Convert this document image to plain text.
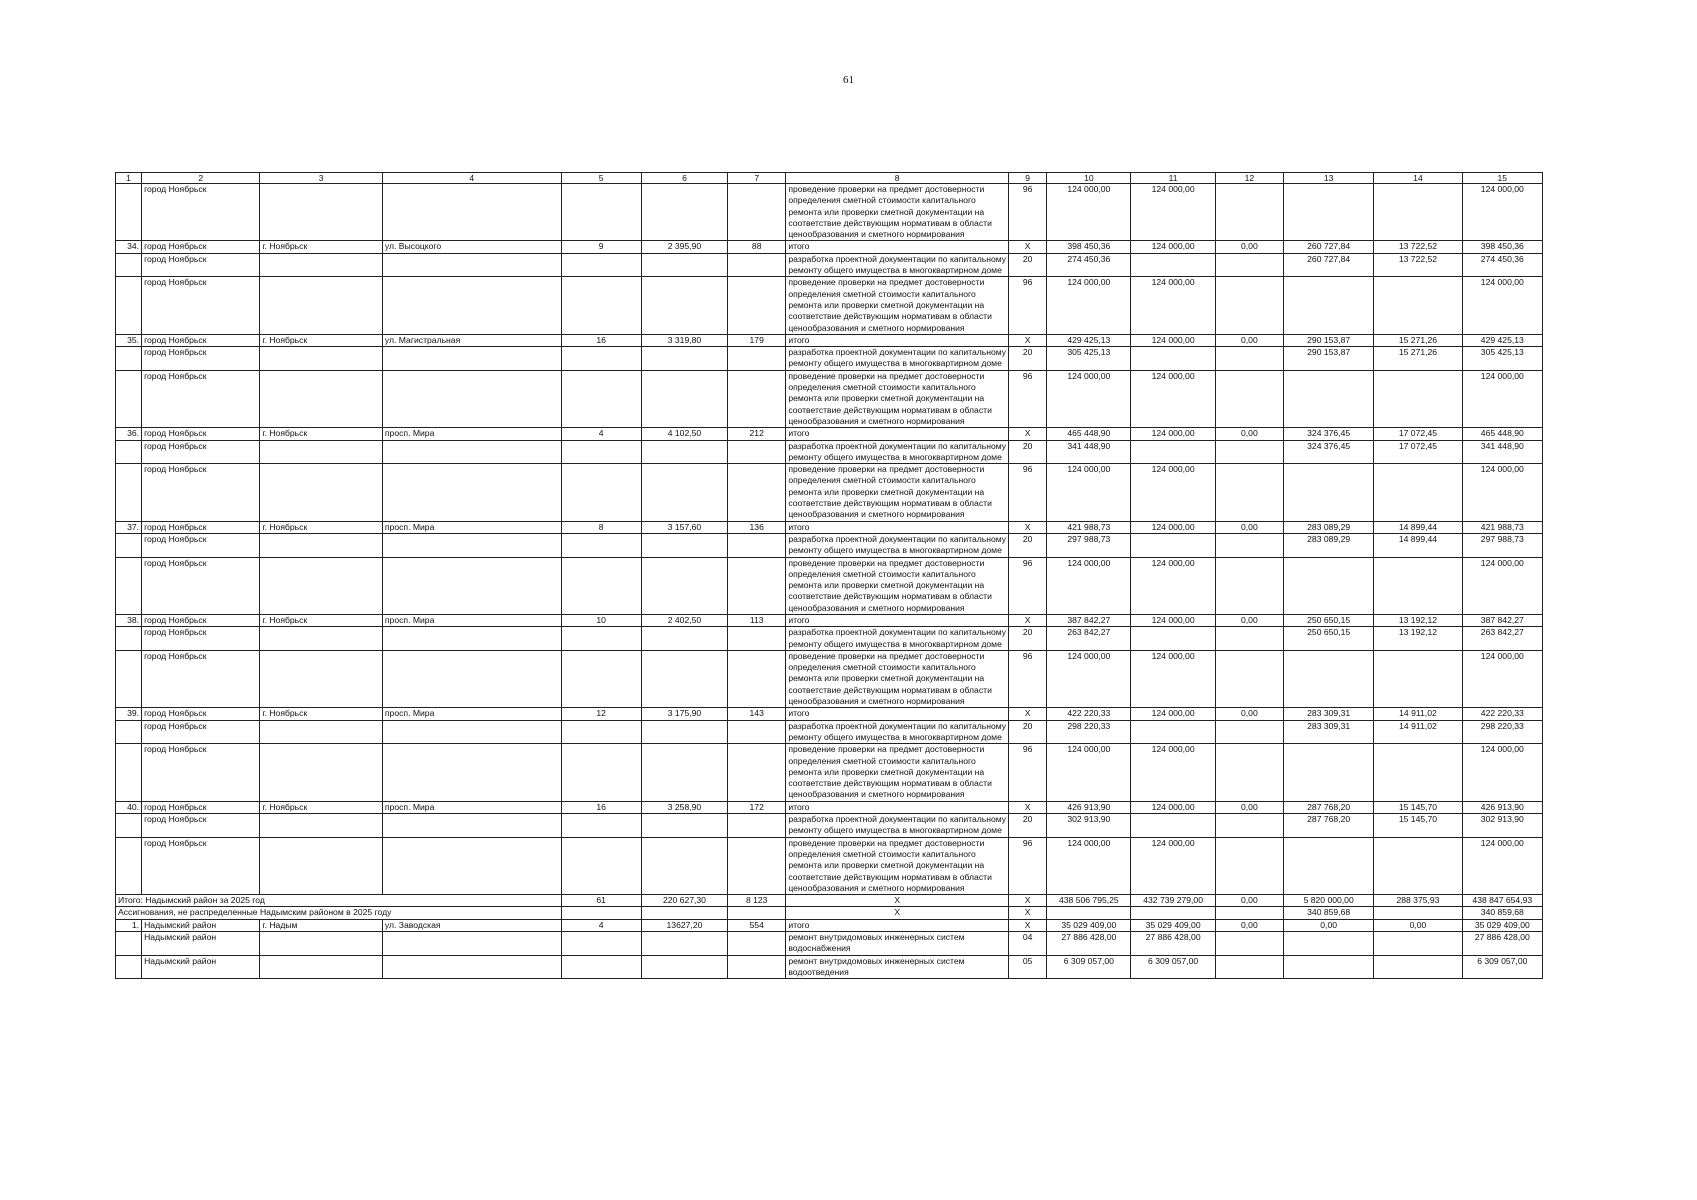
61
1	2	3	4	5	6	7	8	9	10	11	12	13	14	15
	город Ноябрьск						проведение проверки на предмет достоверности определения сметной стоимости капитального ремонта или проверки сметной документации на соответствие действующим нормативам в области ценообразования и сметного нормирования	96	124 000,00	124 000,00				124 000,00
34.	город Ноябрьск	г. Ноябрьск	ул. Высоцкого	9	2 395,90	88	итого	X	398 450,36	124 000,00	0,00	260 727,84	13 722,52	398 450,36
	город Ноябрьск						разработка проектной документации по капитальному ремонту общего имущества в многоквартирном доме	20	274 450,36			260 727,84	13 722,52	274 450,36
	город Ноябрьск						проведение проверки на предмет достоверности определения сметной стоимости капитального ремонта или проверки сметной документации на соответствие действующим нормативам в области ценообразования и сметного нормирования	96	124 000,00	124 000,00				124 000,00
35.	город Ноябрьск	г. Ноябрьск	ул. Магистральная	16	3 319,80	179	итого	X	429 425,13	124 000,00	0,00	290 153,87	15 271,26	429 425,13
	город Ноябрьск						разработка проектной документации по капитальному ремонту общего имущества в многоквартирном доме	20	305 425,13			290 153,87	15 271,26	305 425,13
	город Ноябрьск						проведение проверки на предмет достоверности определения сметной стоимости капитального ремонта или проверки сметной документации на соответствие действующим нормативам в области ценообразования и сметного нормирования	96	124 000,00	124 000,00				124 000,00
36.	город Ноябрьск	г. Ноябрьск	просп. Мира	4	4 102,50	212	итого	X	465 448,90	124 000,00	0,00	324 376,45	17 072,45	465 448,90
	город Ноябрьск						разработка проектной документации по капитальному ремонту общего имущества в многоквартирном доме	20	341 448,90			324 376,45	17 072,45	341 448,90
	город Ноябрьск						проведение проверки на предмет достоверности определения сметной стоимости капитального ремонта или проверки сметной документации на соответствие действующим нормативам в области ценообразования и сметного нормирования	96	124 000,00	124 000,00				124 000,00
37.	город Ноябрьск	г. Ноябрьск	просп. Мира	8	3 157,60	136	итого	X	421 988,73	124 000,00	0,00	283 089,29	14 899,44	421 988,73
	город Ноябрьск						разработка проектной документации по капитальному ремонту общего имущества в многоквартирном доме	20	297 988,73			283 089,29	14 899,44	297 988,73
	город Ноябрьск						проведение проверки на предмет достоверности определения сметной стоимости капитального ремонта или проверки сметной документации на соответствие действующим нормативам в области ценообразования и сметного нормирования	96	124 000,00	124 000,00				124 000,00
38.	город Ноябрьск	г. Ноябрьск	просп. Мира	10	2 402,50	113	итого	X	387 842,27	124 000,00	0,00	250 650,15	13 192,12	387 842,27
	город Ноябрьск						разработка проектной документации по капитальному ремонту общего имущества в многоквартирном доме	20	263 842,27			250 650,15	13 192,12	263 842,27
	город Ноябрьск						проведение проверки на предмет достоверности определения сметной стоимости капитального ремонта или проверки сметной документации на соответствие действующим нормативам в области ценообразования и сметного нормирования	96	124 000,00	124 000,00				124 000,00
39.	город Ноябрьск	г. Ноябрьск	просп. Мира	12	3 175,90	143	итого	X	422 220,33	124 000,00	0,00	283 309,31	14 911,02	422 220,33
	город Ноябрьск						разработка проектной документации по капитальному ремонту общего имущества в многоквартирном доме	20	298 220,33			283 309,31	14 911,02	298 220,33
	город Ноябрьск						проведение проверки на предмет достоверности определения сметной стоимости капитального ремонта или проверки сметной документации на соответствие действующим нормативам в области ценообразования и сметного нормирования	96	124 000,00	124 000,00				124 000,00
40.	город Ноябрьск	г. Ноябрьск	просп. Мира	16	3 258,90	172	итого	X	426 913,90	124 000,00	0,00	287 768,20	15 145,70	426 913,90
	город Ноябрьск						разработка проектной документации по капитальному ремонту общего имущества в многоквартирном доме	20	302 913,90			287 768,20	15 145,70	302 913,90
	город Ноябрьск						проведение проверки на предмет достоверности определения сметной стоимости капитального ремонта или проверки сметной документации на соответствие действующим нормативам в области ценообразования и сметного нормирования	96	124 000,00	124 000,00				124 000,00
Итого: Надымский район за 2025 год				61	220 627,30	8 123	X	X	438 506 795,25	432 739 279,00	0,00	5 820 000,00	288 375,93	438 847 654,93
Ассигнования, не распределенные Надымским районом в 2025 году							X	X				340 859,68		340 859,68
1.	Надымский район	г. Надым	ул. Заводская	4	13627,20	554	итого	X	35 029 409,00	35 029 409,00	0,00	0,00	0,00	35 029 409,00
	Надымский район						ремонт внутридомовых инженерных систем водоснабжения	04	27 886 428,00	27 886 428,00				27 886 428,00
	Надымский район						ремонт внутридомовых инженерных систем водоотведения	05	6 309 057,00	6 309 057,00				6 309 057,00
